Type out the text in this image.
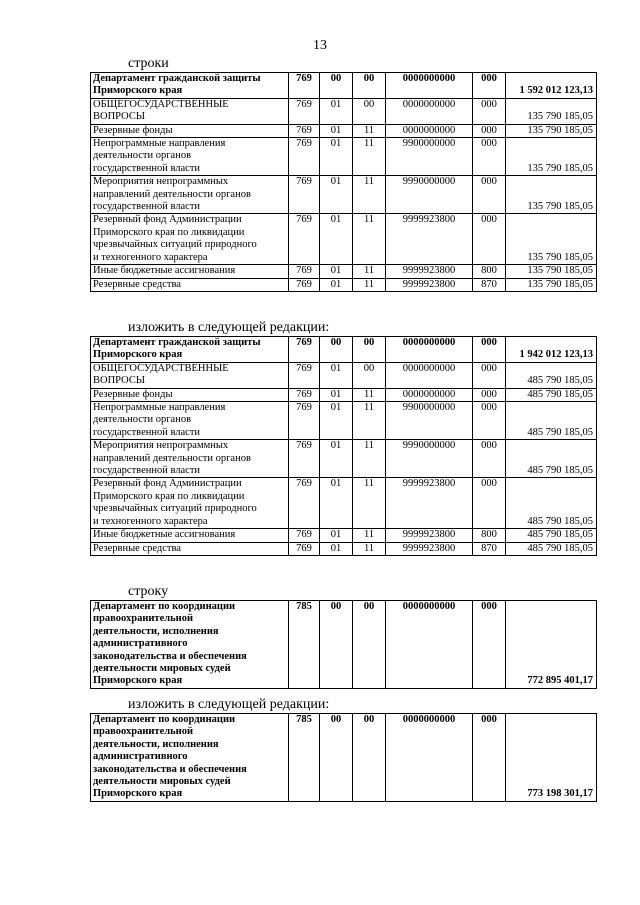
13
строки
Департамент гражданской защиты
Приморского края	769	00	00	0000000000	000	1 592 012 123,13
ОБЩЕГОСУДАРСТВЕННЫЕ
ВОПРОСЫ	769	01	00	0000000000	000	135 790 185,05
Резервные фонды	769	01	11	0000000000	000	135 790 185,05
Непрограммные направления
деятельности органов
государственной власти	769	01	11	9900000000	000	135 790 185,05
Мероприятия непрограммных
направлений деятельности органов
государственной власти	769	01	11	9990000000	000	135 790 185,05
Резервный фонд Администрации
Приморского края по ликвидации
чрезвычайных ситуаций природного
и техногенного характера	769	01	11	9999923800	000	135 790 185,05
Иные бюджетные ассигнования	769	01	11	9999923800	800	135 790 185,05
Резервные средства	769	01	11	9999923800	870	135 790 185,05
изложить в следующей редакции:
Департамент гражданской защиты
Приморского края	769	00	00	0000000000	000	1 942 012 123,13
ОБЩЕГОСУДАРСТВЕННЫЕ
ВОПРОСЫ	769	01	00	0000000000	000	485 790 185,05
Резервные фонды	769	01	11	0000000000	000	485 790 185,05
Непрограммные направления
деятельности органов
государственной власти	769	01	11	9900000000	000	485 790 185,05
Мероприятия непрограммных
направлений деятельности органов
государственной власти	769	01	11	9990000000	000	485 790 185,05
Резервный фонд Администрации
Приморского края по ликвидации
чрезвычайных ситуаций природного
и техногенного характера	769	01	11	9999923800	000	485 790 185,05
Иные бюджетные ассигнования	769	01	11	9999923800	800	485 790 185,05
Резервные средства	769	01	11	9999923800	870	485 790 185,05
строку
Департамент по координации
правоохранительной
деятельности, исполнения
административного
законодательства и обеспечения
деятельности мировых судей
Приморского края	785	00	00	0000000000	000	772 895 401,17
изложить в следующей редакции:
Департамент по координации
правоохранительной
деятельности, исполнения
административного
законодательства и обеспечения
деятельности мировых судей
Приморского края	785	00	00	0000000000	000	773 198 301,17
